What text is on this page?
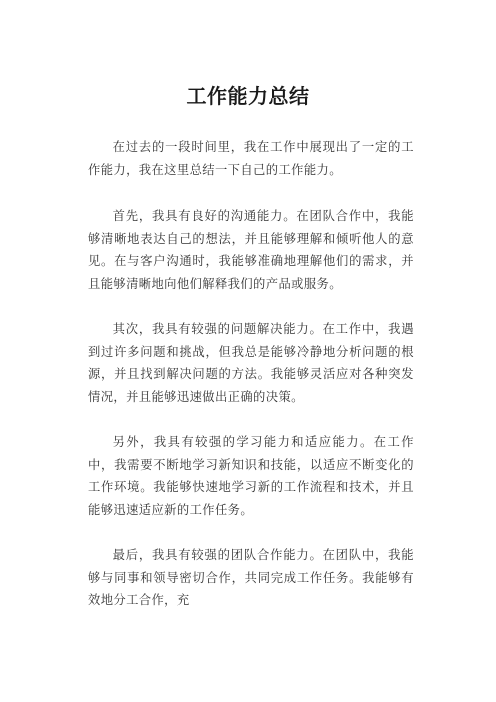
工作能力总结

在过去的一段时间里，我在工作中展现出了一定的工作能力，我在这里总结一下自己的工作能力。

首先，我具有良好的沟通能力。在团队合作中，我能够清晰地表达自己的想法，并且能够理解和倾听他人的意见。在与客户沟通时，我能够准确地理解他们的需求，并且能够清晰地向他们解释我们的产品或服务。

其次，我具有较强的问题解决能力。在工作中，我遇到过许多问题和挑战，但我总是能够冷静地分析问题的根源，并且找到解决问题的方法。我能够灵活应对各种突发情况，并且能够迅速做出正确的决策。

另外，我具有较强的学习能力和适应能力。在工作中，我需要不断地学习新知识和技能，以适应不断变化的工作环境。我能够快速地学习新的工作流程和技术，并且能够迅速适应新的工作任务。

最后，我具有较强的团队合作能力。在团队中，我能够与同事和领导密切合作，共同完成工作任务。我能够有效地分工合作，充
